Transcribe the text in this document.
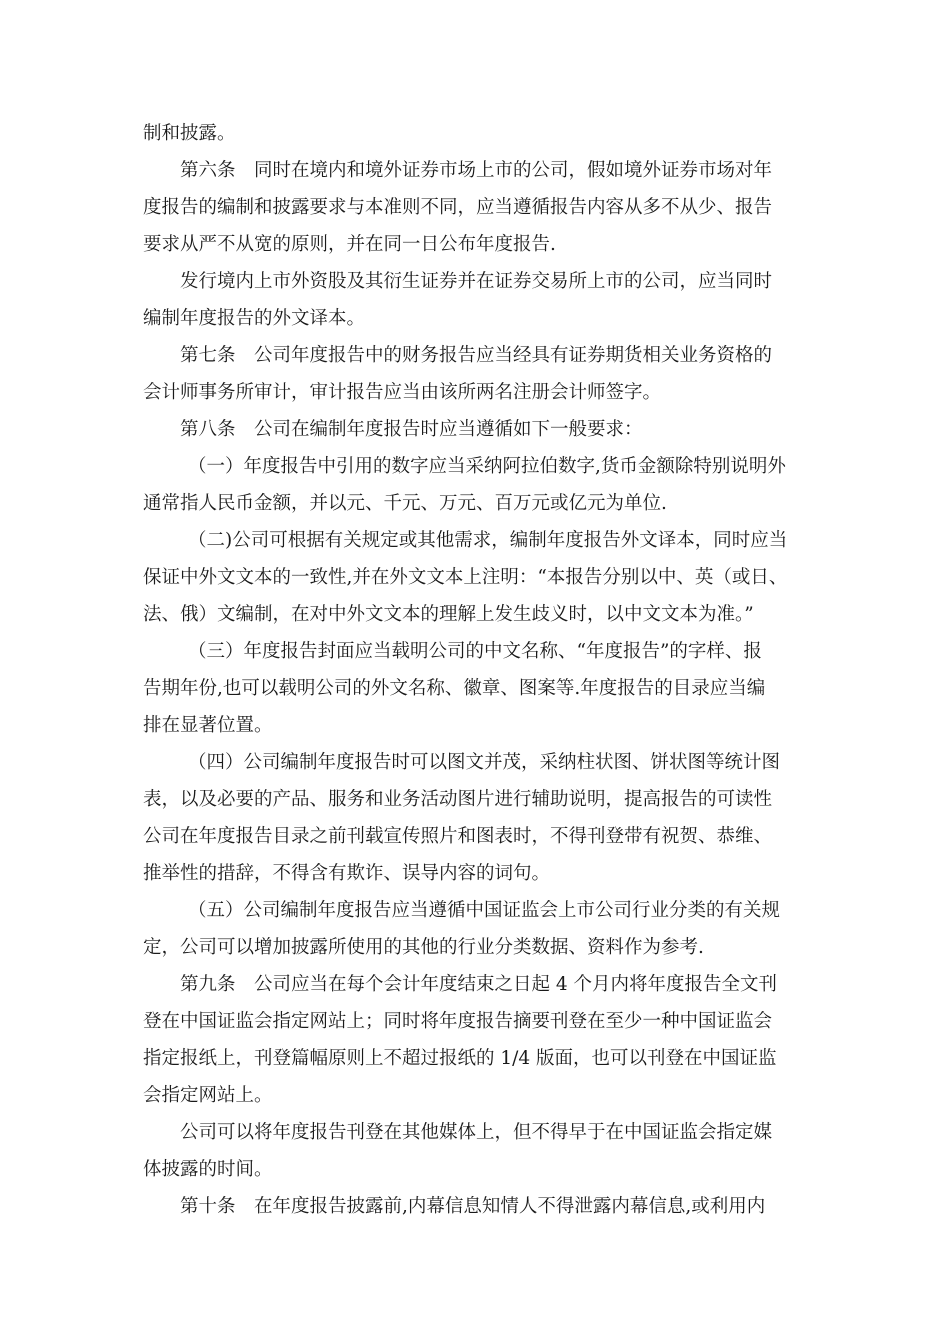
制和披露。
第六条　同时在境内和境外证券市场上市的公司，假如境外证券市场对年
度报告的编制和披露要求与本准则不同，应当遵循报告内容从多不从少、报告
要求从严不从宽的原则，并在同一日公布年度报告.
发行境内上市外资股及其衍生证券并在证券交易所上市的公司，应当同时
编制年度报告的外文译本。
第七条　公司年度报告中的财务报告应当经具有证券期货相关业务资格的
会计师事务所审计，审计报告应当由该所两名注册会计师签字。
第八条　公司在编制年度报告时应当遵循如下一般要求：
（一）年度报告中引用的数字应当采纳阿拉伯数字,货币金额除特别说明外
通常指人民币金额，并以元、千元、万元、百万元或亿元为单位.
（二)公司可根据有关规定或其他需求，编制年度报告外文译本，同时应当
保证中外文文本的一致性,并在外文文本上注明：“本报告分别以中、英（或日、
法、俄）文编制，在对中外文文本的理解上发生歧义时，以中文文本为准。”
（三）年度报告封面应当载明公司的中文名称、“年度报告”的字样、报
告期年份,也可以载明公司的外文名称、徽章、图案等.年度报告的目录应当编
排在显著位置。
（四）公司编制年度报告时可以图文并茂，采纳柱状图、饼状图等统计图
表，以及必要的产品、服务和业务活动图片进行辅助说明，提高报告的可读性
公司在年度报告目录之前刊载宣传照片和图表时，不得刊登带有祝贺、恭维、
推举性的措辞，不得含有欺诈、误导内容的词句。
（五）公司编制年度报告应当遵循中国证监会上市公司行业分类的有关规
定，公司可以增加披露所使用的其他的行业分类数据、资料作为参考.
第九条　公司应当在每个会计年度结束之日起 4 个月内将年度报告全文刊
登在中国证监会指定网站上；同时将年度报告摘要刊登在至少一种中国证监会
指定报纸上，刊登篇幅原则上不超过报纸的 1/4 版面，也可以刊登在中国证监
会指定网站上。
公司可以将年度报告刊登在其他媒体上，但不得早于在中国证监会指定媒
体披露的时间。
第十条　在年度报告披露前,内幕信息知情人不得泄露内幕信息,或利用内
